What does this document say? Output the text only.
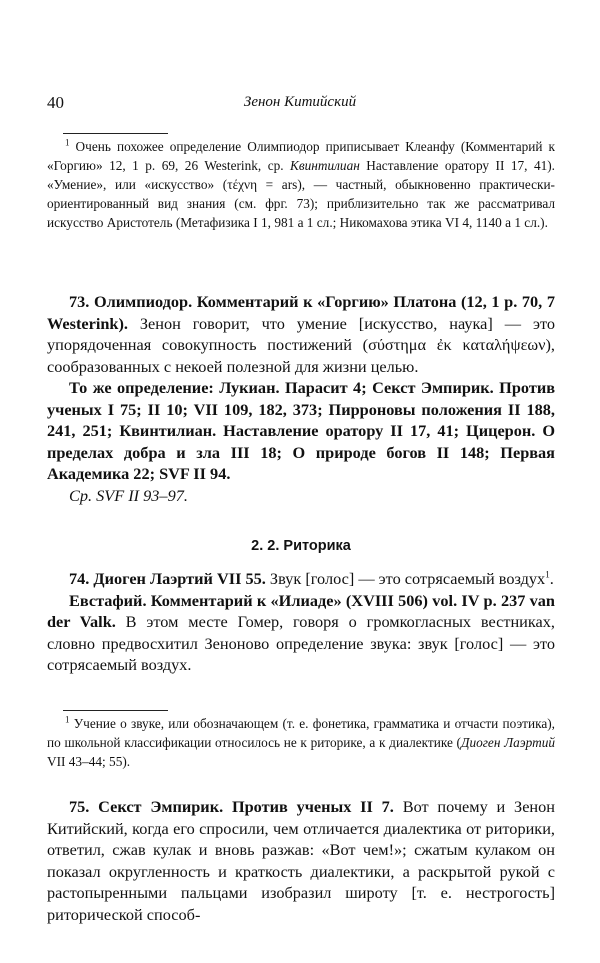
40	Зенон Китийский

$^1$ Очень похожее определение Олимпиодор приписывает Клеанфу (Комментарий к «Горгию» 12, 1 p. 69, 26 Westerink, ср. Квинтилиан Наставление оратору II 17, 41). «Умение», или «искусство» (τέχνη = ars), — частный, обыкновенно практически-ориентированный вид знания (см. фрг. 73); приблизительно так же рассматривал искусство Аристотель (Метафизика I 1, 981 a 1 сл.; Никомахова этика VI 4, 1140 a 1 сл.).

73. Олимпиодор. Комментарий к «Горгию» Платона (12, 1 р. 70, 7 Westerink). Зенон говорит, что умение [искусство, наука] — это упорядоченная совокупность постижений (σύστημα ἐκ καταλήψεων), сообразованных с некоей полезной для жизни целью.

То же определение: Лукиан. Парасит 4; Секст Эмпирик. Против ученых I 75; II 10; VII 109, 182, 373; Пирроновы положения II 188, 241, 251; Квинтилиан. Наставление оратору II 17, 41; Цицерон. О пределах добра и зла III 18; О природе богов II 148; Первая Академика 22; SVF II 94.

Ср. SVF II 93–97.

2. 2. Риторика

74. Диоген Лаэртий VII 55. Звук [голос] — это сотрясаемый воздух$^1$.

Евстафий. Комментарий к «Илиаде» (XVIII 506) vol. IV p. 237 van der Valk. В этом месте Гомер, говоря о громкогласных вестниках, словно предвосхитил Зеноново определение звука: звук [голос] — это сотрясаемый воздух.

$^1$ Учение о звуке, или обозначающем (т. е. фонетика, грамматика и отчасти поэтика), по школьной классификации относилось не к риторике, а к диалектике (Диоген Лаэртий VII 43–44; 55).

75. Секст Эмпирик. Против ученых II 7. Вот почему и Зенон Китийский, когда его спросили, чем отличается диалектика от риторики, ответил, сжав кулак и вновь разжав: «Вот чем!»; сжатым кулаком он показал округленность и краткость диалектики, а раскрытой рукой с растопыренными пальцами изобразил широту [т. е. нестрогость] риторической способ-
